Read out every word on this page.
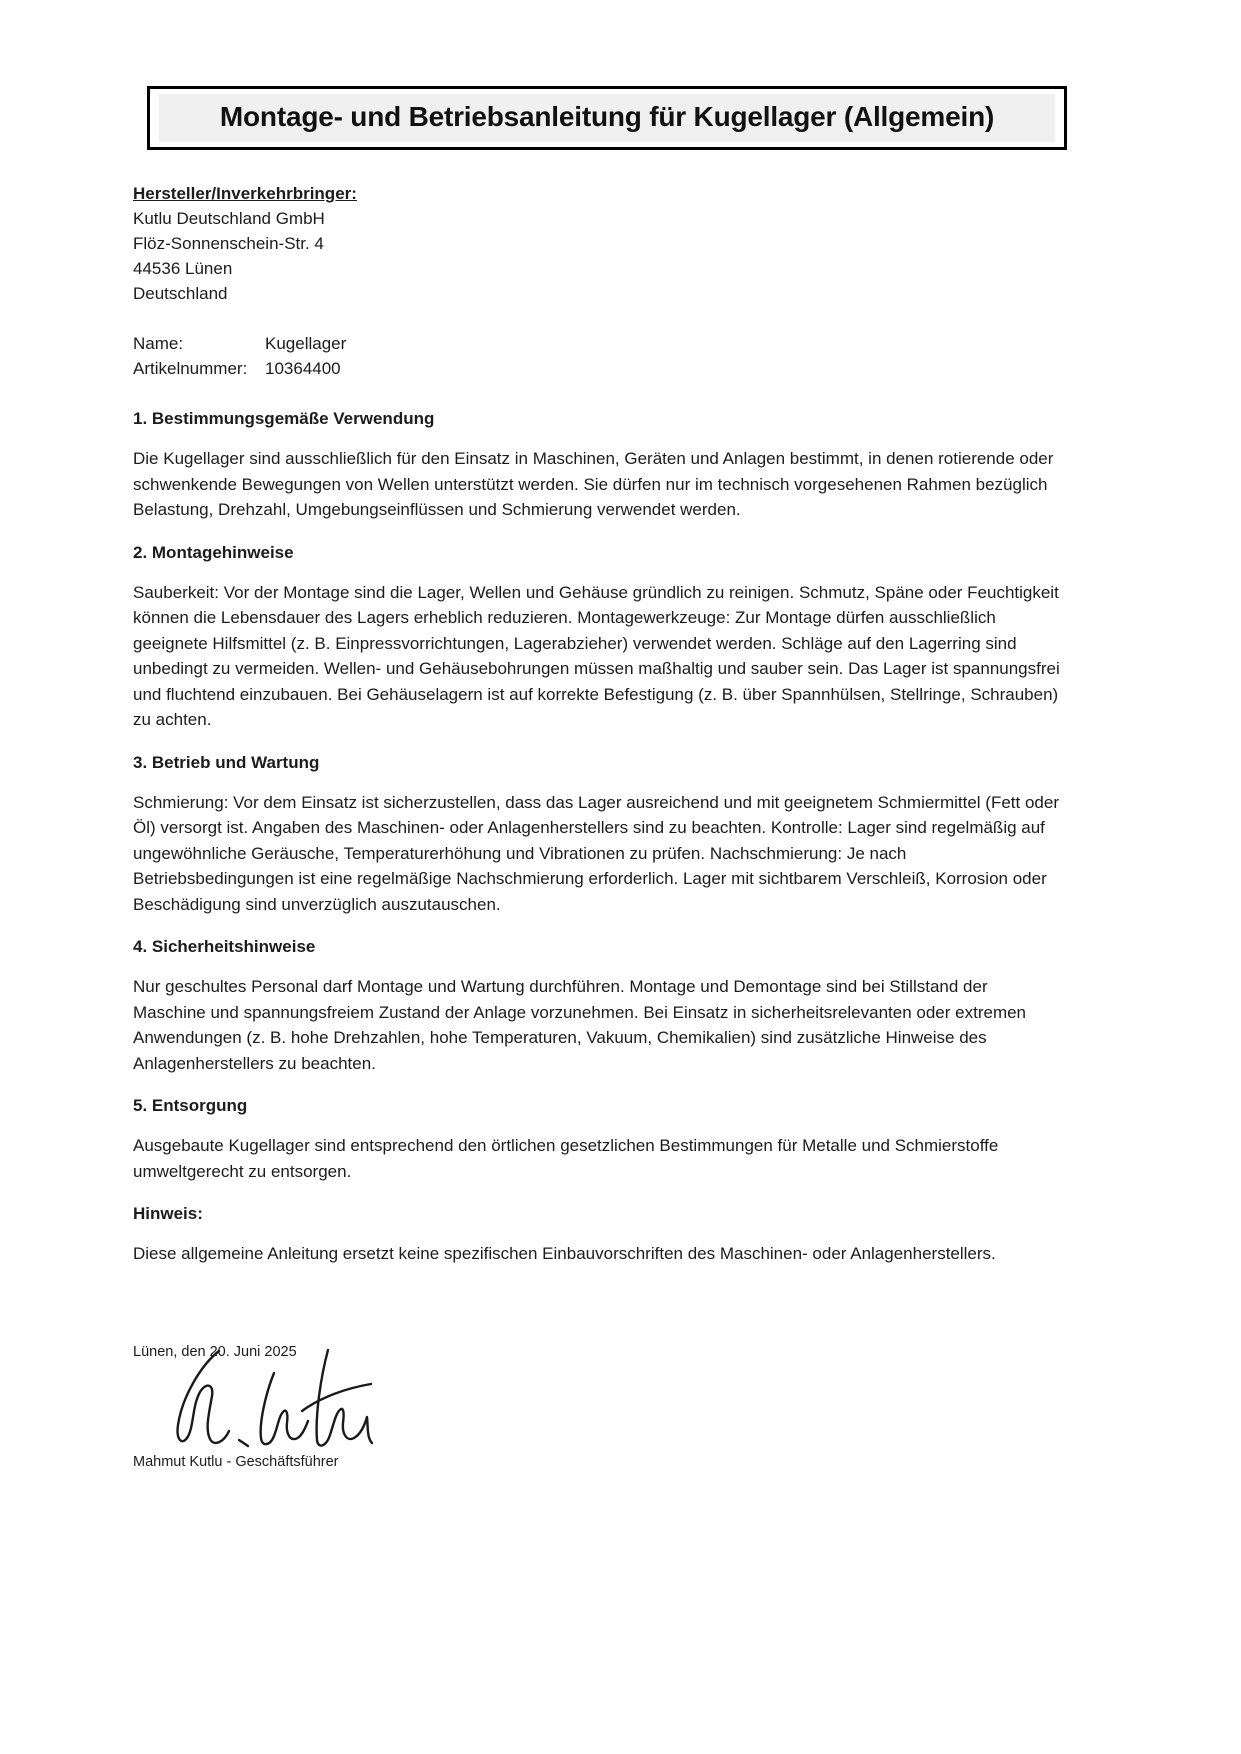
Montage- und Betriebsanleitung für Kugellager (Allgemein)

Hersteller/Inverkehrbringer:

Kutlu Deutschland GmbH

Flöz-Sonnenschein-Str. 4

44536 Lünen

Deutschland

Name:	Kugellager
Artikelnummer:	10364400
1. Bestimmungsgemäße Verwendung

Die Kugellager sind ausschließlich für den Einsatz in Maschinen, Geräten und Anlagen bestimmt, in denen rotierende oder schwenkende Bewegungen von Wellen unterstützt werden. Sie dürfen nur im technisch vorgesehenen Rahmen bezüglich Belastung, Drehzahl, Umgebungseinflüssen und Schmierung verwendet werden.

2. Montagehinweise

Sauberkeit: Vor der Montage sind die Lager, Wellen und Gehäuse gründlich zu reinigen. Schmutz, Späne oder Feuchtigkeit können die Lebensdauer des Lagers erheblich reduzieren. Montagewerkzeuge: Zur Montage dürfen ausschließlich geeignete Hilfsmittel (z. B. Einpressvorrichtungen, Lagerabzieher) verwendet werden. Schläge auf den Lagerring sind unbedingt zu vermeiden. Wellen- und Gehäusebohrungen müssen maßhaltig und sauber sein. Das Lager ist spannungsfrei und fluchtend einzubauen. Bei Gehäuselagern ist auf korrekte Befestigung (z. B. über Spannhülsen, Stellringe, Schrauben) zu achten.

3. Betrieb und Wartung

Schmierung: Vor dem Einsatz ist sicherzustellen, dass das Lager ausreichend und mit geeignetem Schmiermittel (Fett oder Öl) versorgt ist. Angaben des Maschinen- oder Anlagenherstellers sind zu beachten. Kontrolle: Lager sind regelmäßig auf ungewöhnliche Geräusche, Temperaturerhöhung und Vibrationen zu prüfen. Nachschmierung: Je nach Betriebsbedingungen ist eine regelmäßige Nachschmierung erforderlich. Lager mit sichtbarem Verschleiß, Korrosion oder Beschädigung sind unverzüglich auszutauschen.

4. Sicherheitshinweise

Nur geschultes Personal darf Montage und Wartung durchführen. Montage und Demontage sind bei Stillstand der Maschine und spannungsfreiem Zustand der Anlage vorzunehmen. Bei Einsatz in sicherheitsrelevanten oder extremen Anwendungen (z. B. hohe Drehzahlen, hohe Temperaturen, Vakuum, Chemikalien) sind zusätzliche Hinweise des Anlagenherstellers zu beachten.

5. Entsorgung

Ausgebaute Kugellager sind entsprechend den örtlichen gesetzlichen Bestimmungen für Metalle und Schmierstoffe umweltgerecht zu entsorgen.

Hinweis:

Diese allgemeine Anleitung ersetzt keine spezifischen Einbauvorschriften des Maschinen- oder Anlagenherstellers.

Lünen, den 20. Juni 2025

Mahmut Kutlu - Geschäftsführer
